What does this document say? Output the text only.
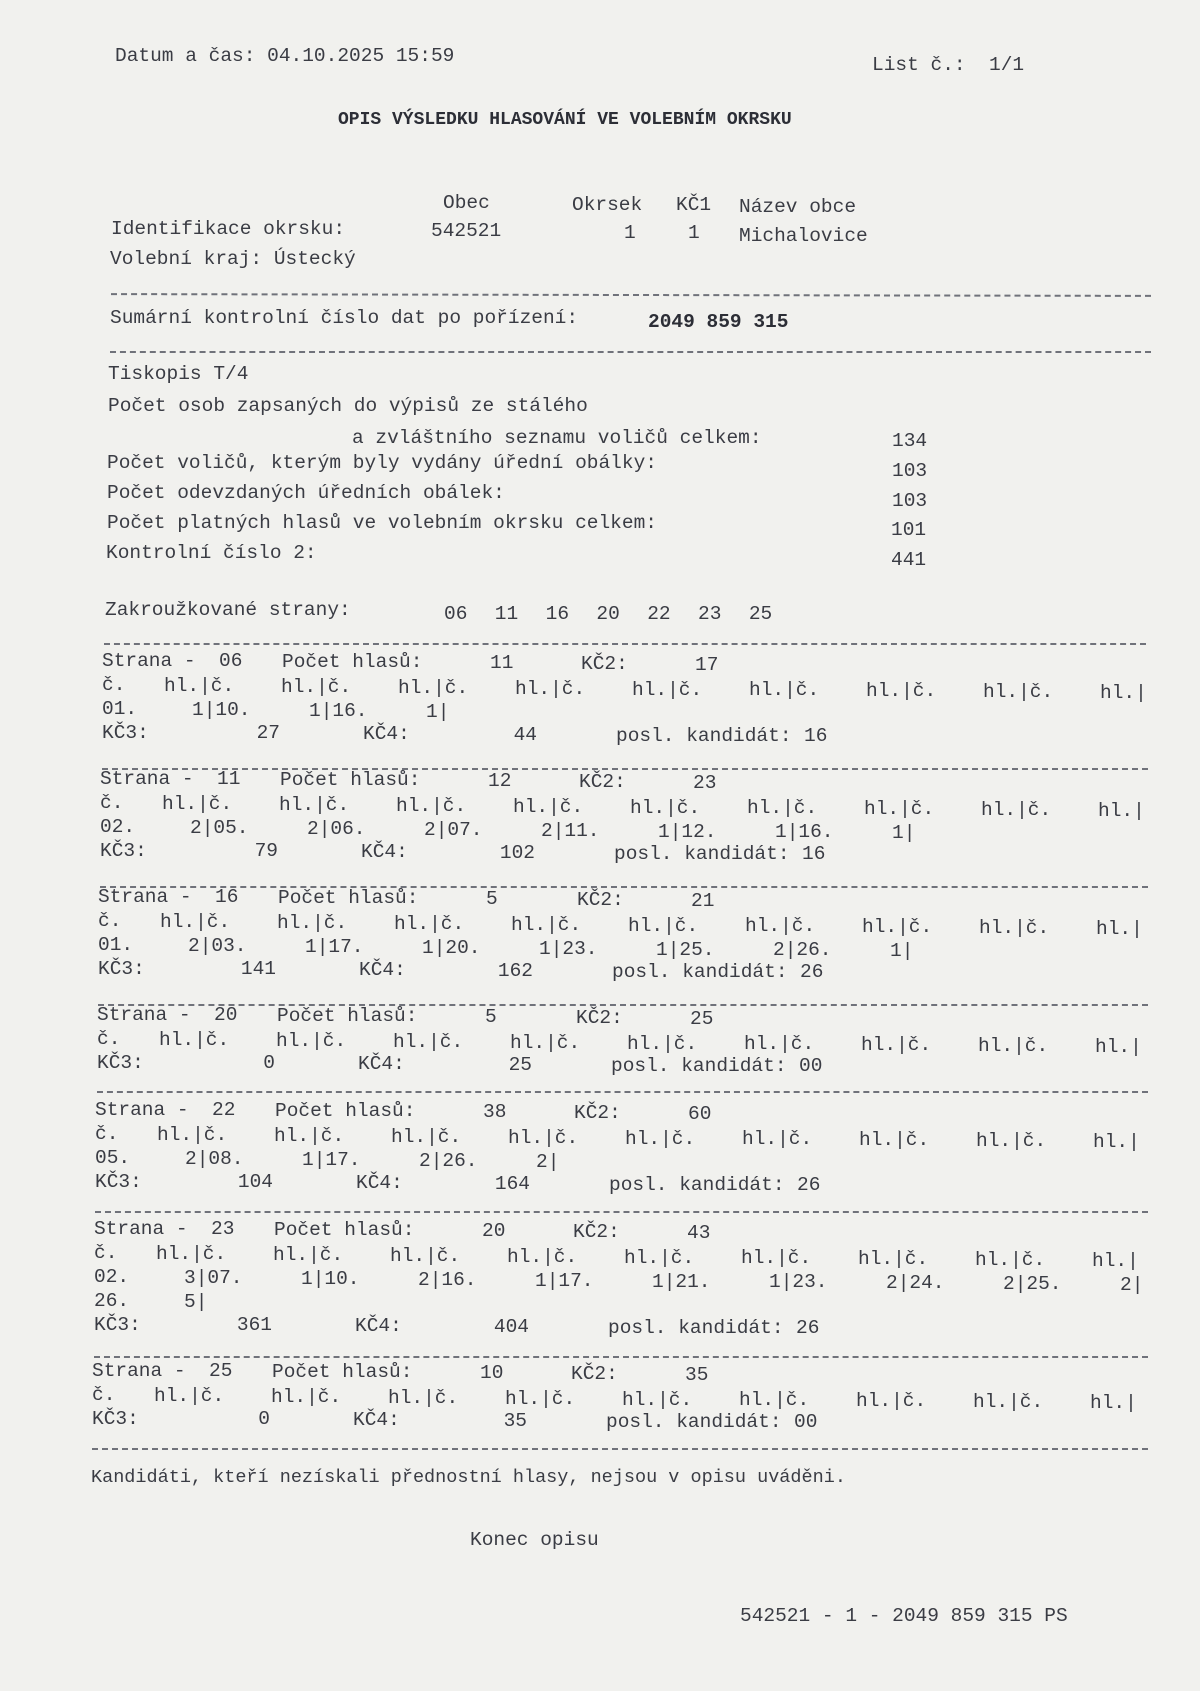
Datum a čas: 04.10.2025 15:59	List č.:  1/1
OPIS VÝSLEDKU HLASOVÁNÍ VE VOLEBNÍM OKRSKU
Obec	Okrsek KČ1 Název obce
Identifikace okrsku:	542521	1	1 Michalovice
Volební kraj: Ústecký
Sumární kontrolní číslo dat po pořízení:	2049 859 315
Tiskopis T/4
Počet osob zapsaných do výpisů ze stálého
a zvláštního seznamu voličů celkem:	134
Počet voličů, kterým byly vydány úřední obálky:	103
Počet odevzdaných úředních obálek:	103
Počet platných hlasů ve volebním okrsku celkem:	101
Kontrolní číslo 2:	441
Zakroužkované strany:	06  11  16  20  22  23  25
Strana - 06 Počet hlasů:	11	KČ2:	17
č. hl.|č. hl.|č. hl.|č. hl.|č. hl.|č. hl.|č. hl.|č. hl.|č. hl.|
01.	1|10.	1|16.	1|
KČ3:	27	KČ4:	44	posl. kandidát: 16
Strana - 11 Počet hlasů:	12	KČ2:	23
č. hl.|č. hl.|č. hl.|č. hl.|č. hl.|č. hl.|č. hl.|č. hl.|č. hl.|
02.	2|05.	2|06.	2|07.	2|11.	1|12.	1|16.	1|
KČ3:	79	KČ4:	102	posl. kandidát: 16
Strana - 16 Počet hlasů:	5	KČ2:	21
č. hl.|č. hl.|č. hl.|č. hl.|č. hl.|č. hl.|č. hl.|č. hl.|č. hl.|
01.	2|03.	1|17.	1|20.	1|23.	1|25.	2|26.	1|
KČ3:	141	KČ4:	162	posl. kandidát: 26
Strana - 20 Počet hlasů:	5	KČ2:	25
č. hl.|č. hl.|č. hl.|č. hl.|č. hl.|č. hl.|č. hl.|č. hl.|č. hl.|
KČ3:	0	KČ4:	25	posl. kandidát: 00
Strana - 22 Počet hlasů:	38	KČ2:	60
č. hl.|č. hl.|č. hl.|č. hl.|č. hl.|č. hl.|č. hl.|č. hl.|č. hl.|
05.	2|08.	1|17.	2|26.	2|
KČ3:	104	KČ4:	164	posl. kandidát: 26
Strana - 23 Počet hlasů:	20	KČ2:	43
č. hl.|č. hl.|č. hl.|č. hl.|č. hl.|č. hl.|č. hl.|č. hl.|č. hl.|
02.	3|07.	1|10.	2|16.	1|17.	1|21.	1|23.	2|24.	2|25.	2|
26.	5|
KČ3:	361	KČ4:	404	posl. kandidát: 26
Strana - 25 Počet hlasů:	10	KČ2:	35
č. hl.|č. hl.|č. hl.|č. hl.|č. hl.|č. hl.|č. hl.|č. hl.|č. hl.|
KČ3:	0	KČ4:	35	posl. kandidát: 00
Kandidáti, kteří nezískali přednostní hlasy, nejsou v opisu uváděni.
Konec opisu
542521 - 1 - 2049 859 315 PS
